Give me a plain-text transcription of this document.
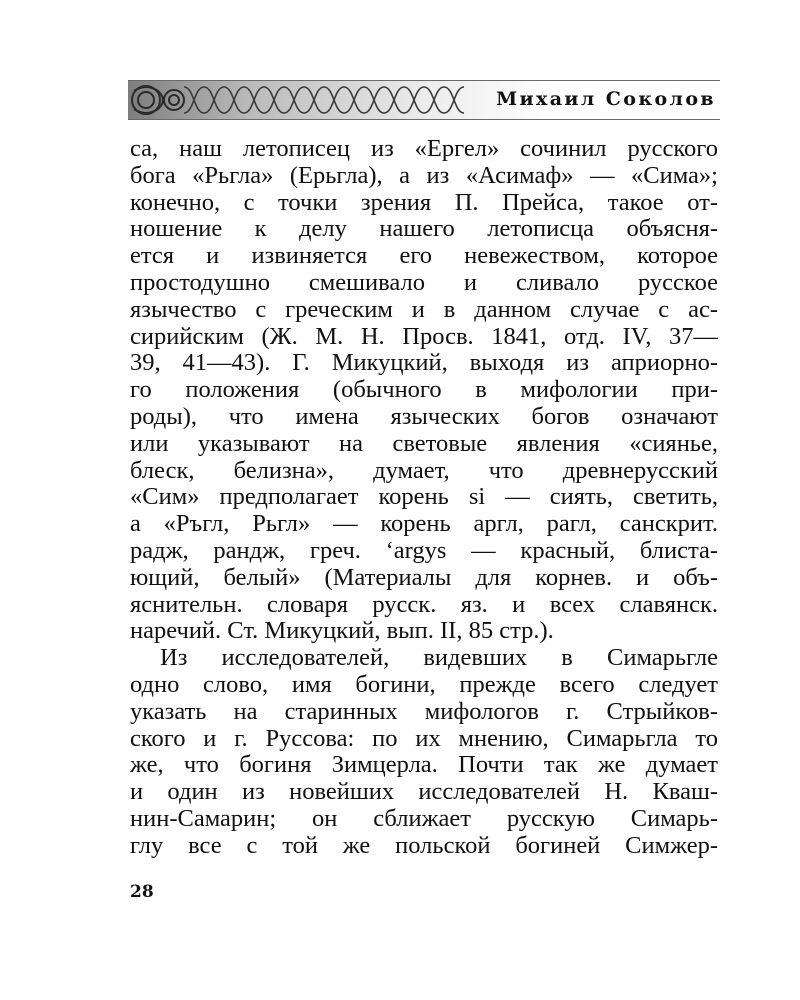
Михаил Соколов
са, наш летописец из «Ергел» сочинил русского
бога «Рьгла» (Ерьгла), а из «Асимаф» — «Сима»;
конечно, с точки зрения П. Прейса, такое от-
ношение к делу нашего летописца объясня-
ется и извиняется его невежеством, которое
простодушно смешивало и сливало русское
язычество с греческим и в данном случае с ас-
сирийским (Ж. М. Н. Просв. 1841, отд. IV, 37—
39, 41—43). Г. Микуцкий, выходя из априорно-
го положения (обычного в мифологии при-
роды), что имена языческих богов означают
или указывают на световые явления «сиянье,
блеск, белизна», думает, что древнерусский
«Сим» предполагает корень si — сиять, светить,
а «Ръгл, Рьгл» — корень аргл, рагл, санскрит.
радж, рандж, греч. ‘argys — красный, блиста-
ющий, белый» (Материалы для корнев. и объ-
яснительн. словаря русск. яз. и всех славянск.
наречий. Ст. Микуцкий, вып. II, 85 стр.).
Из исследователей, видевших в Симарьгле
одно слово, имя богини, прежде всего следует
указать на старинных мифологов г. Стрыйков-
ского и г. Руссова: по их мнению, Симарьгла то
же, что богиня Зимцерла. Почти так же думает
и один из новейших исследователей Н. Кваш-
нин-Самарин; он сближает русскую Симарь-
глу все с той же польской богиней Симжер-
28
